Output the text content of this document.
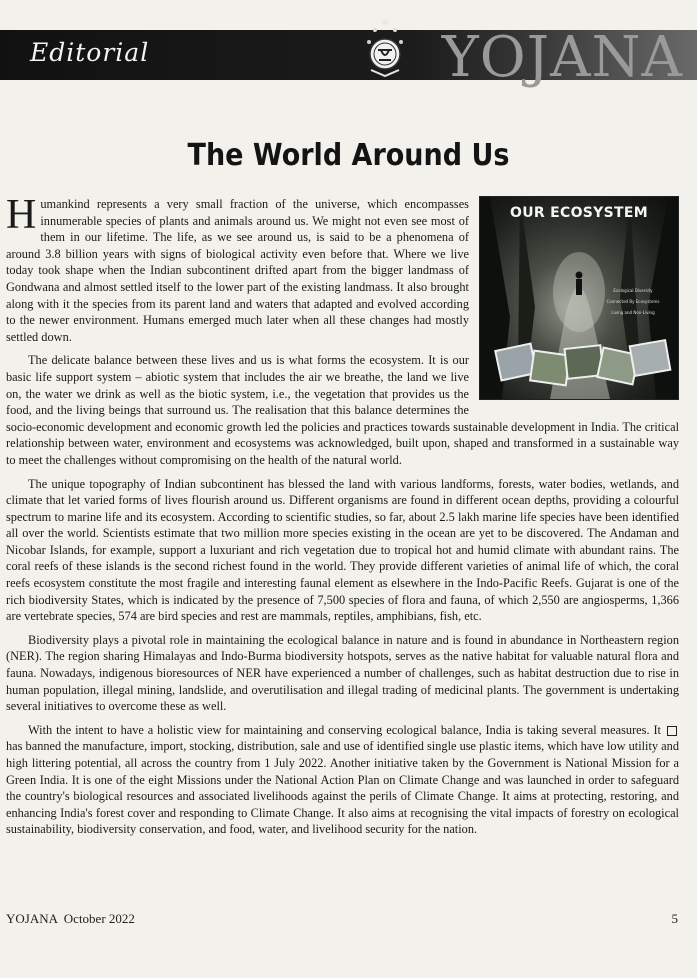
Editorial	YOJANA
The World Around Us
OUR ECOSYSTEM
Ecological Diversity
Connected By Ecosystems
Living and Non-Living

Humankind represents a very small fraction of the universe, which encompasses innumerable species of plants and animals around us. We might not even see most of them in our lifetime. The life, as we see around us, is said to be a phenomena of around 3.8 billion years with signs of biological activity even before that. Where we live today took shape when the Indian subcontinent drifted apart from the bigger landmass of Gondwana and almost settled itself to the lower part of the existing landmass. It also brought along with it the species from its parent land and waters that adapted and evolved according to the newer environment. Humans emerged much later when all these changes had mostly settled down.

The delicate balance between these lives and us is what forms the ecosystem. It is our basic life support system – abiotic system that includes the air we breathe, the land we live on, the water we drink as well as the biotic system, i.e., the vegetation that provides us the food, and the living beings that surround us. The realisation that this balance determines the socio-economic development and economic growth led the policies and practices towards sustainable development in India. The critical relationship between water, environment and ecosystems was acknowledged, built upon, shaped and transformed in a sustainable way to meet the challenges without compromising on the health of the natural world.

The unique topography of Indian subcontinent has blessed the land with various landforms, forests, water bodies, wetlands, and climate that let varied forms of lives flourish around us. Different organisms are found in different ocean depths, providing a colourful spectrum to marine life and its ecosystem. According to scientific studies, so far, about 2.5 lakh marine life species have been identified all over the world. Scientists estimate that two million more species existing in the ocean are yet to be discovered. The Andaman and Nicobar Islands, for example, support a luxuriant and rich vegetation due to tropical hot and humid climate with abundant rains. The coral reefs of these islands is the second richest found in the world. They provide different varieties of animal life of which, the coral reefs ecosystem constitute the most fragile and interesting faunal element as elsewhere in the Indo-Pacific Reefs. Gujarat is one of the rich biodiversity States, which is indicated by the presence of 7,500 species of flora and fauna, of which 2,550 are angiosperms, 1,366 are vertebrate species, 574 are bird species and rest are mammals, reptiles, amphibians, fish, etc.

Biodiversity plays a pivotal role in maintaining the ecological balance in nature and is found in abundance in Northeastern region (NER). The region sharing Himalayas and Indo-Burma biodiversity hotspots, serves as the native habitat for valuable natural flora and fauna. Nowadays, indigenous bioresources of NER have experienced a number of challenges, such as habitat destruction due to rise in human population, illegal mining, landslide, and overutilisation and illegal trading of medicinal plants. The government is undertaking several initiatives to overcome these as well.

With the intent to have a holistic view for maintaining and conserving ecological balance, India is taking several measures. It has banned the manufacture, import, stocking, distribution, sale and use of identified single use plastic items, which have low utility and high littering potential, all across the country from 1 July 2022. Another initiative taken by the Government is National Mission for a Green India. It is one of the eight Missions under the National Action Plan on Climate Change and was launched in order to safeguard the country's biological resources and associated livelihoods against the perils of Climate Change. It aims at protecting, restoring, and enhancing India's forest cover and responding to Climate Change. It also aims at recognising the vital impacts of forestry on ecological sustainability, biodiversity conservation, and food, water, and livelihood security for the nation.

YOJANA  October 2022	5
